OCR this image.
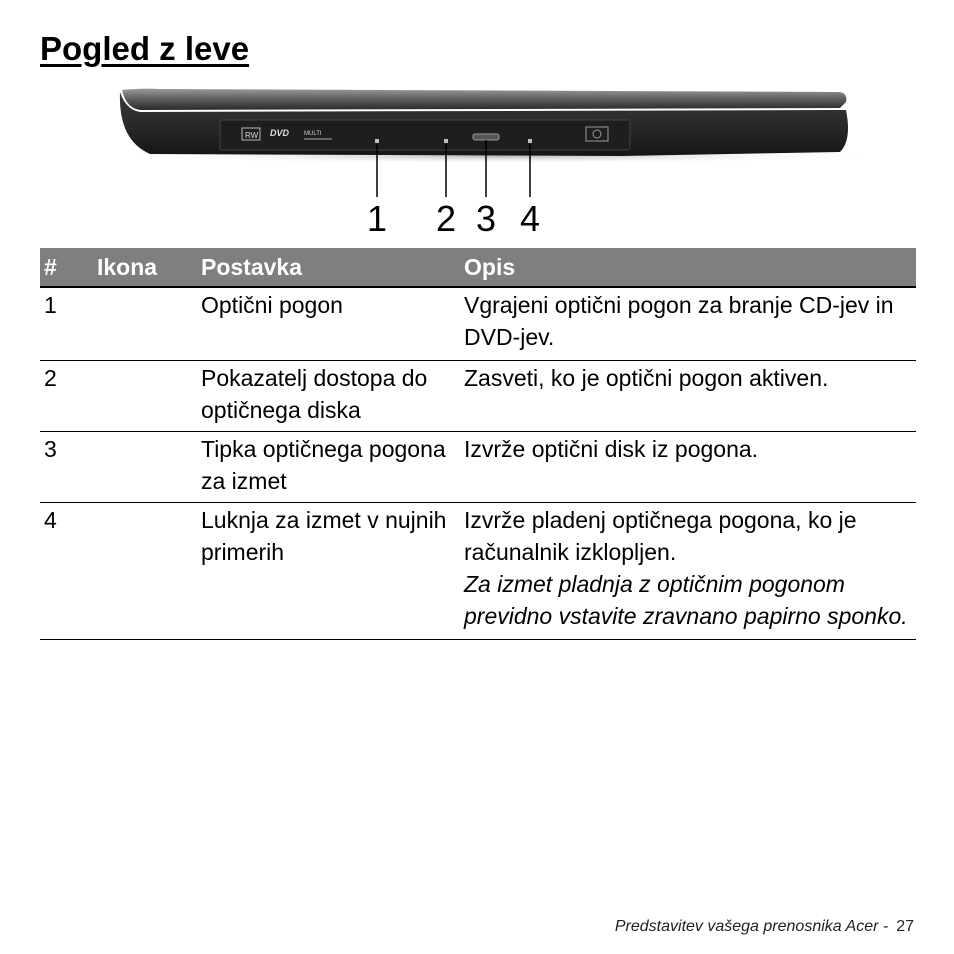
Pogled z leve
RW DVD MULTI
1 2 3 4
#	Ikona	Postavka	Opis
1		Optični pogon	Vgrajeni optični pogon za branje CD-jev in DVD-jev.
2		Pokazatelj dostopa do optičnega diska	Zasveti, ko je optični pogon aktiven.
3		Tipka optičnega pogona za izmet	Izvrže optični disk iz pogona.
4		Luknja za izmet v nujnih primerih	Izvrže pladenj optičnega pogona, ko je računalnik izklopljen.
Za izmet pladnja z optičnim pogonom previdno vstavite zravnano papirno sponko.
Predstavitev vašega prenosnika Acer - 27
